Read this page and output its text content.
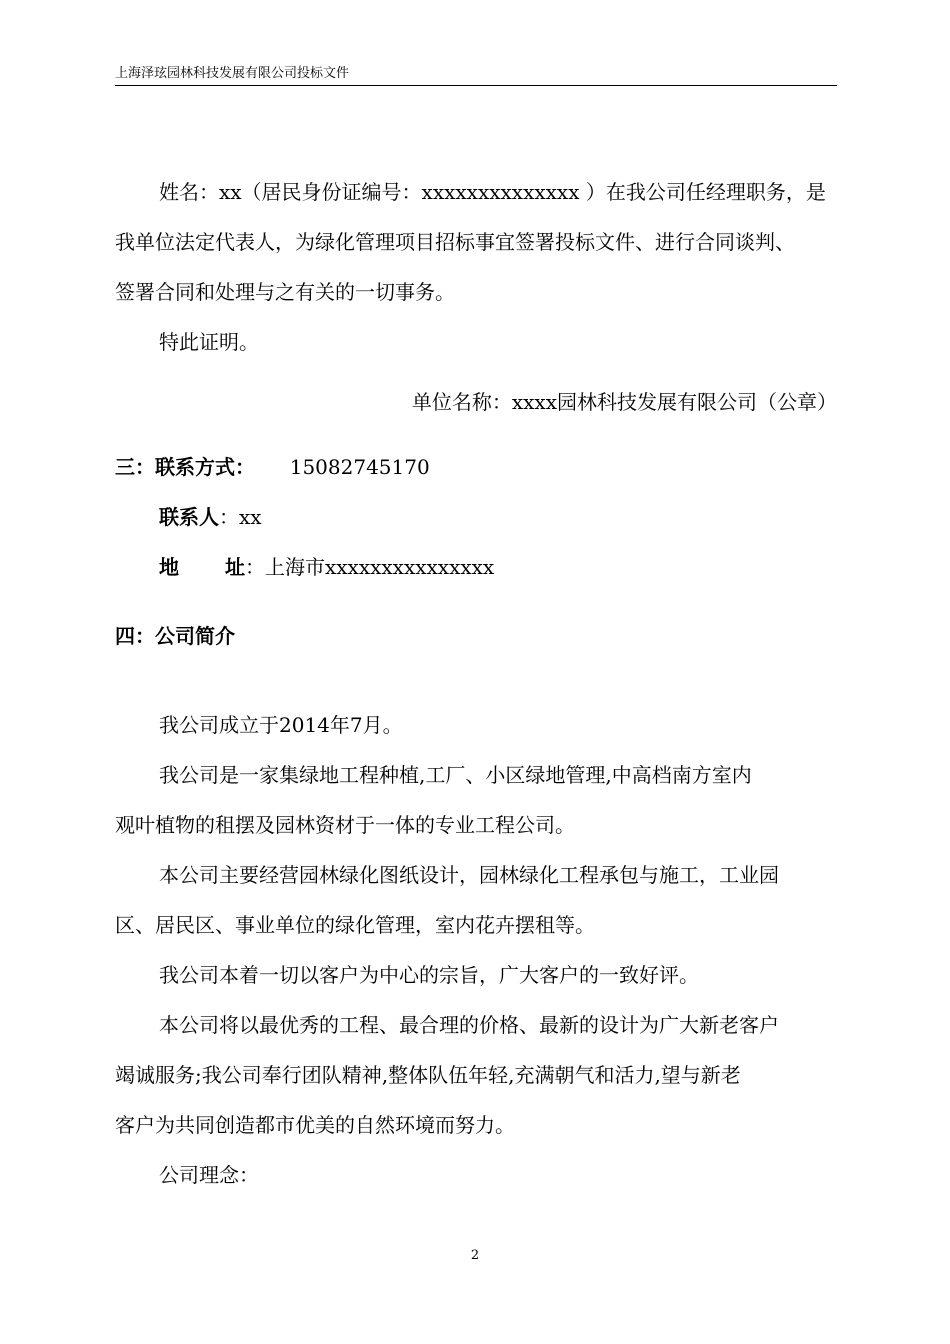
上海泽玹园林科技发展有限公司投标文件
姓名：xx（居民身份证编号：xxxxxxxxxxxxxx ）在我公司任经理职务，是
我单位法定代表人，为绿化管理项目招标事宜签署投标文件、进行合同谈判、
签署合同和处理与之有关的一切事务。
特此证明。
单位名称：xxxx园林科技发展有限公司（公章）
三：联系方式： 15082745170
联系人：xx
地 址：上海市xxxxxxxxxxxxxxx
四：公司简介
我公司成立于2014年7月。
我公司是一家集绿地工程种植,工厂、小区绿地管理,中高档南方室内
观叶植物的租摆及园林资材于一体的专业工程公司。
本公司主要经营园林绿化图纸设计，园林绿化工程承包与施工，工业园
区、居民区、事业单位的绿化管理，室内花卉摆租等。
我公司本着一切以客户为中心的宗旨，广大客户的一致好评。
本公司将以最优秀的工程、最合理的价格、最新的设计为广大新老客户
竭诚服务;我公司奉行团队精神,整体队伍年轻,充满朝气和活力,望与新老
客户为共同创造都市优美的自然环境而努力。
公司理念：
2
